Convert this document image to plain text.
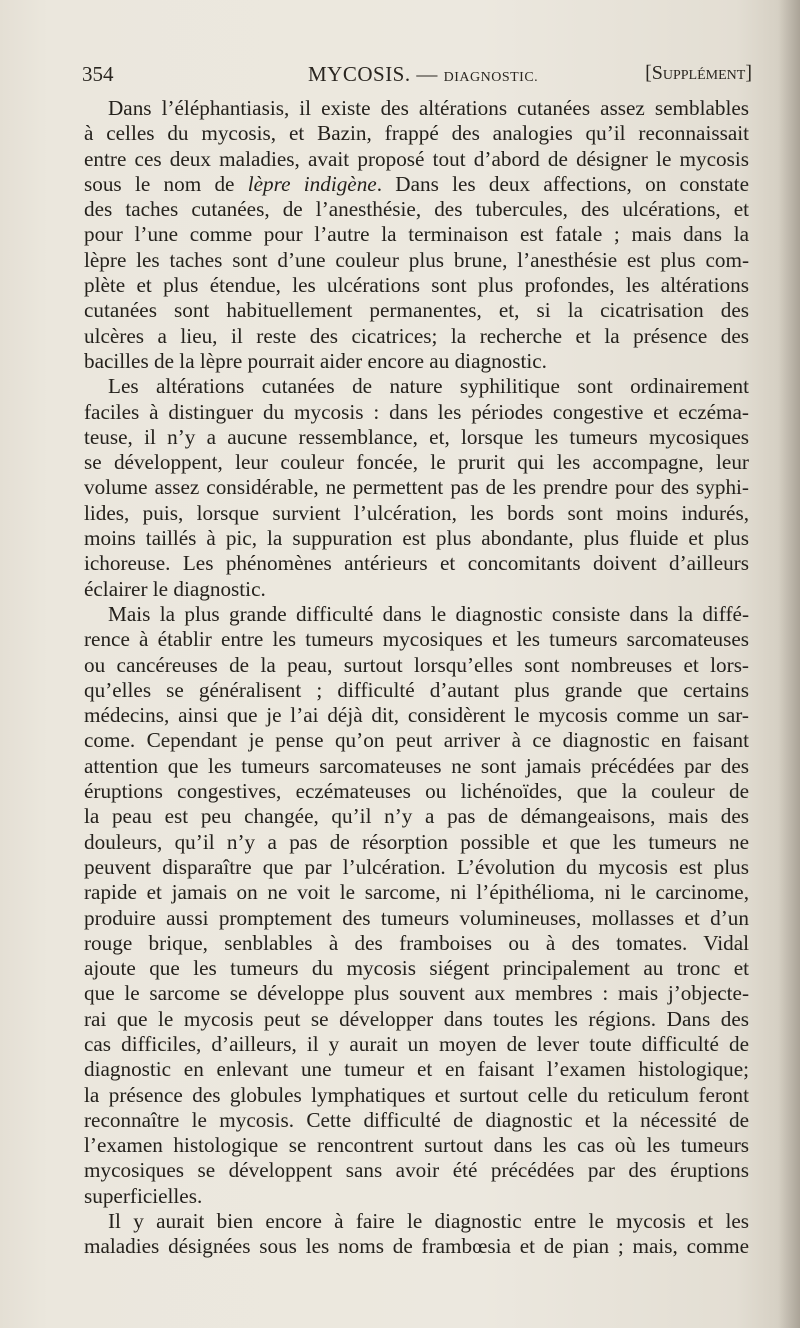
354	MYCOSIS. — DIAGNOSTIC.	[Supplément]
Dans l’éléphantiasis, il existe des altérations cutanées assez semblables
à celles du mycosis, et Bazin, frappé des analogies qu’il reconnaissait
entre ces deux maladies, avait proposé tout d’abord de désigner le mycosis
sous le nom de lèpre indigène. Dans les deux affections, on constate
des taches cutanées, de l’anesthésie, des tubercules, des ulcérations, et
pour l’une comme pour l’autre la terminaison est fatale ; mais dans la
lèpre les taches sont d’une couleur plus brune, l’anesthésie est plus com-
plète et plus étendue, les ulcérations sont plus profondes, les altérations
cutanées sont habituellement permanentes, et, si la cicatrisation des
ulcères a lieu, il reste des cicatrices; la recherche et la présence des
bacilles de la lèpre pourrait aider encore au diagnostic.
Les altérations cutanées de nature syphilitique sont ordinairement
faciles à distinguer du mycosis : dans les périodes congestive et eczéma-
teuse, il n’y a aucune ressemblance, et, lorsque les tumeurs mycosiques
se développent, leur couleur foncée, le prurit qui les accompagne, leur
volume assez considérable, ne permettent pas de les prendre pour des syphi-
lides, puis, lorsque survient l’ulcération, les bords sont moins indurés,
moins taillés à pic, la suppuration est plus abondante, plus fluide et plus
ichoreuse. Les phénomènes antérieurs et concomitants doivent d’ailleurs
éclairer le diagnostic.
Mais la plus grande difficulté dans le diagnostic consiste dans la diffé-
rence à établir entre les tumeurs mycosiques et les tumeurs sarcomateuses
ou cancéreuses de la peau, surtout lorsqu’elles sont nombreuses et lors-
qu’elles se généralisent ; difficulté d’autant plus grande que certains
médecins, ainsi que je l’ai déjà dit, considèrent le mycosis comme un sar-
come. Cependant je pense qu’on peut arriver à ce diagnostic en faisant
attention que les tumeurs sarcomateuses ne sont jamais précédées par des
éruptions congestives, eczémateuses ou lichénoïdes, que la couleur de
la peau est peu changée, qu’il n’y a pas de démangeaisons, mais des
douleurs, qu’il n’y a pas de résorption possible et que les tumeurs ne
peuvent disparaître que par l’ulcération. L’évolution du mycosis est plus
rapide et jamais on ne voit le sarcome, ni l’épithélioma, ni le carcinome,
produire aussi promptement des tumeurs volumineuses, mollasses et d’un
rouge brique, senblables à des framboises ou à des tomates. Vidal
ajoute que les tumeurs du mycosis siégent principalement au tronc et
que le sarcome se développe plus souvent aux membres : mais j’objecte-
rai que le mycosis peut se développer dans toutes les régions. Dans des
cas difficiles, d’ailleurs, il y aurait un moyen de lever toute difficulté de
diagnostic en enlevant une tumeur et en faisant l’examen histologique;
la présence des globules lymphatiques et surtout celle du reticulum feront
reconnaître le mycosis. Cette difficulté de diagnostic et la nécessité de
l’examen histologique se rencontrent surtout dans les cas où les tumeurs
mycosiques se développent sans avoir été précédées par des éruptions
superficielles.
Il y aurait bien encore à faire le diagnostic entre le mycosis et les
maladies désignées sous les noms de frambœsia et de pian ; mais, comme
